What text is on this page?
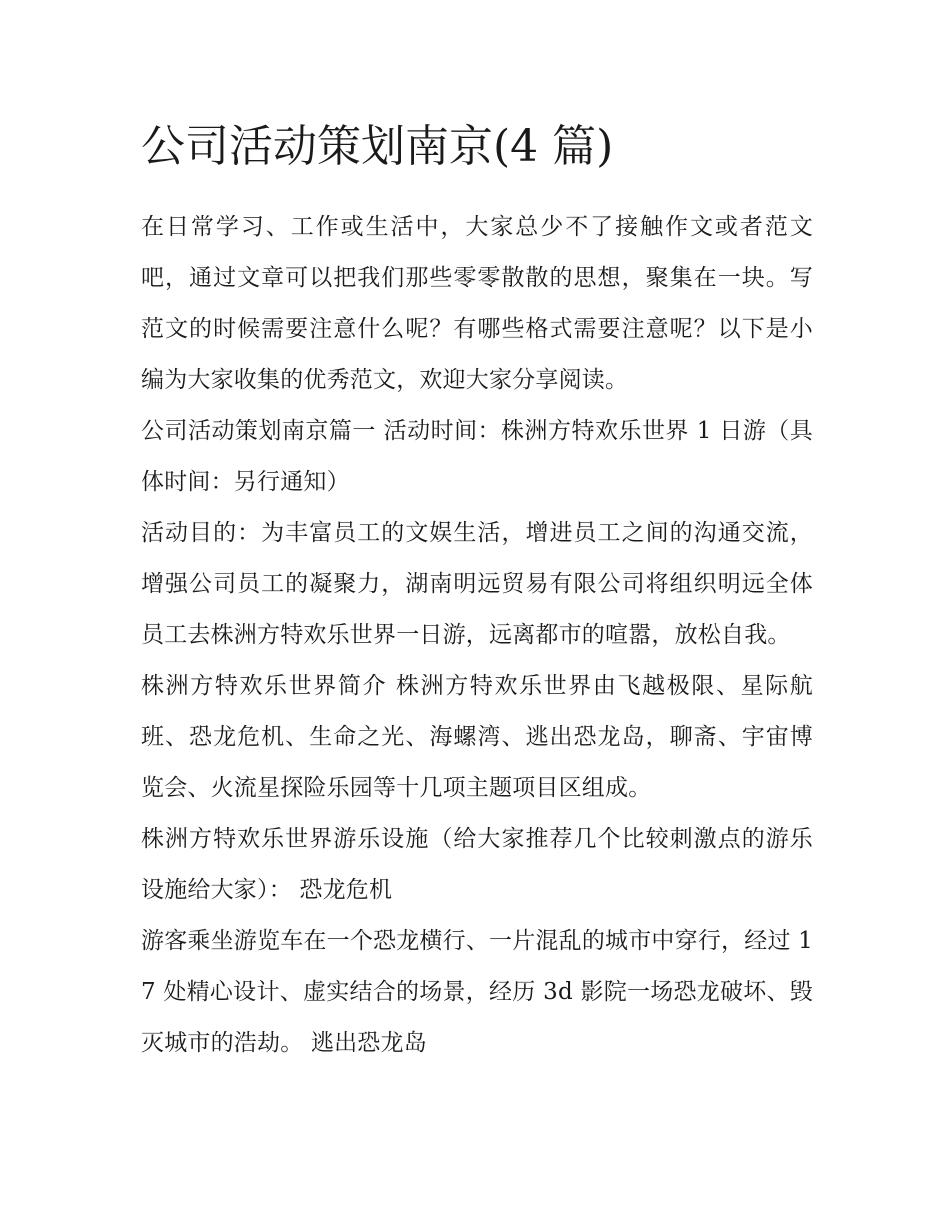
公司活动策划南京(4 篇)

在日常学习、工作或生活中，大家总少不了接触作文或者范文吧，通过文章可以把我们那些零零散散的思想，聚集在一块。写范文的时候需要注意什么呢？有哪些格式需要注意呢？以下是小编为大家收集的优秀范文，欢迎大家分享阅读。

公司活动策划南京篇一 活动时间：株洲方特欢乐世界 1 日游（具体时间：另行通知）

活动目的：为丰富员工的文娱生活，增进员工之间的沟通交流，增强公司员工的凝聚力，湖南明远贸易有限公司将组织明远全体员工去株洲方特欢乐世界一日游，远离都市的喧嚣，放松自我。

株洲方特欢乐世界简介 株洲方特欢乐世界由飞越极限、星际航班、恐龙危机、生命之光、海螺湾、逃出恐龙岛，聊斋、宇宙博览会、火流星探险乐园等十几项主题项目区组成。

株洲方特欢乐世界游乐设施（给大家推荐几个比较刺激点的游乐设施给大家）： 恐龙危机

游客乘坐游览车在一个恐龙横行、一片混乱的城市中穿行，经过 17 处精心设计、虚实结合的场景，经历 3d 影院一场恐龙破坏、毁灭城市的浩劫。 逃出恐龙岛
